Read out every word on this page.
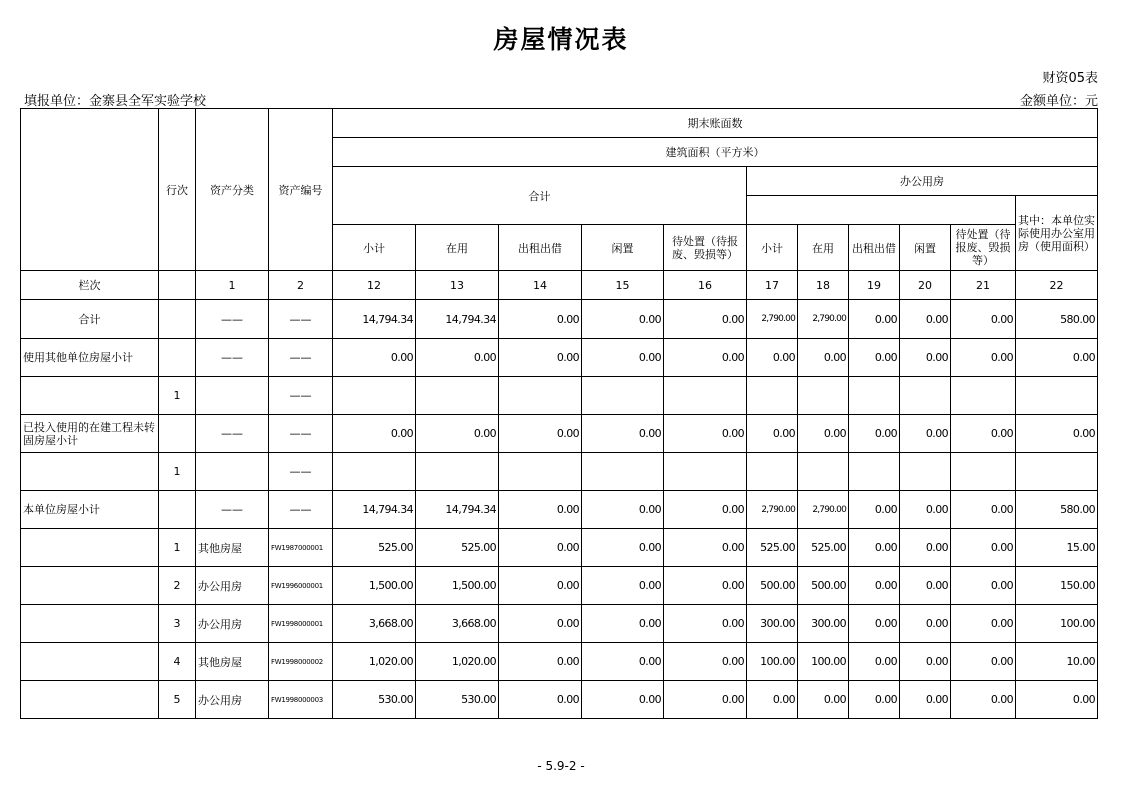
房屋情况表
财资05表
填报单位：金寨县全军实验学校	金额单位：元
	行次	资产分类	资产编号	期末账面数										
				建筑面积（平方米）										
				合计					办公用房					
														其中：本单位实际使用办公室用房（使用面积）
				小计	在用	出租出借	闲置	待处置（待报废、毁损等）	小计	在用	出租出借	闲置	待处置（待报废、毁损等）	
栏次		1	2	12	13	14	15	16	17	18	19	20	21	22
合计		——	——	14,794.34	14,794.34	0.00	0.00	0.00	2,790.00	2,790.00	0.00	0.00	0.00	580.00
使用其他单位房屋小计		——	——	0.00	0.00	0.00	0.00	0.00	0.00	0.00	0.00	0.00	0.00	0.00
	1		——											
已投入使用的在建工程未转固房屋小计		——	——	0.00	0.00	0.00	0.00	0.00	0.00	0.00	0.00	0.00	0.00	0.00
	1		——											
本单位房屋小计		——	——	14,794.34	14,794.34	0.00	0.00	0.00	2,790.00	2,790.00	0.00	0.00	0.00	580.00
	1	其他房屋	FW1987000001	525.00	525.00	0.00	0.00	0.00	525.00	525.00	0.00	0.00	0.00	15.00
	2	办公用房	FW1996000001	1,500.00	1,500.00	0.00	0.00	0.00	500.00	500.00	0.00	0.00	0.00	150.00
	3	办公用房	FW1998000001	3,668.00	3,668.00	0.00	0.00	0.00	300.00	300.00	0.00	0.00	0.00	100.00
	4	其他房屋	FW1998000002	1,020.00	1,020.00	0.00	0.00	0.00	100.00	100.00	0.00	0.00	0.00	10.00
	5	办公用房	FW1998000003	530.00	530.00	0.00	0.00	0.00	0.00	0.00	0.00	0.00	0.00	0.00
- 5.9-2 -
